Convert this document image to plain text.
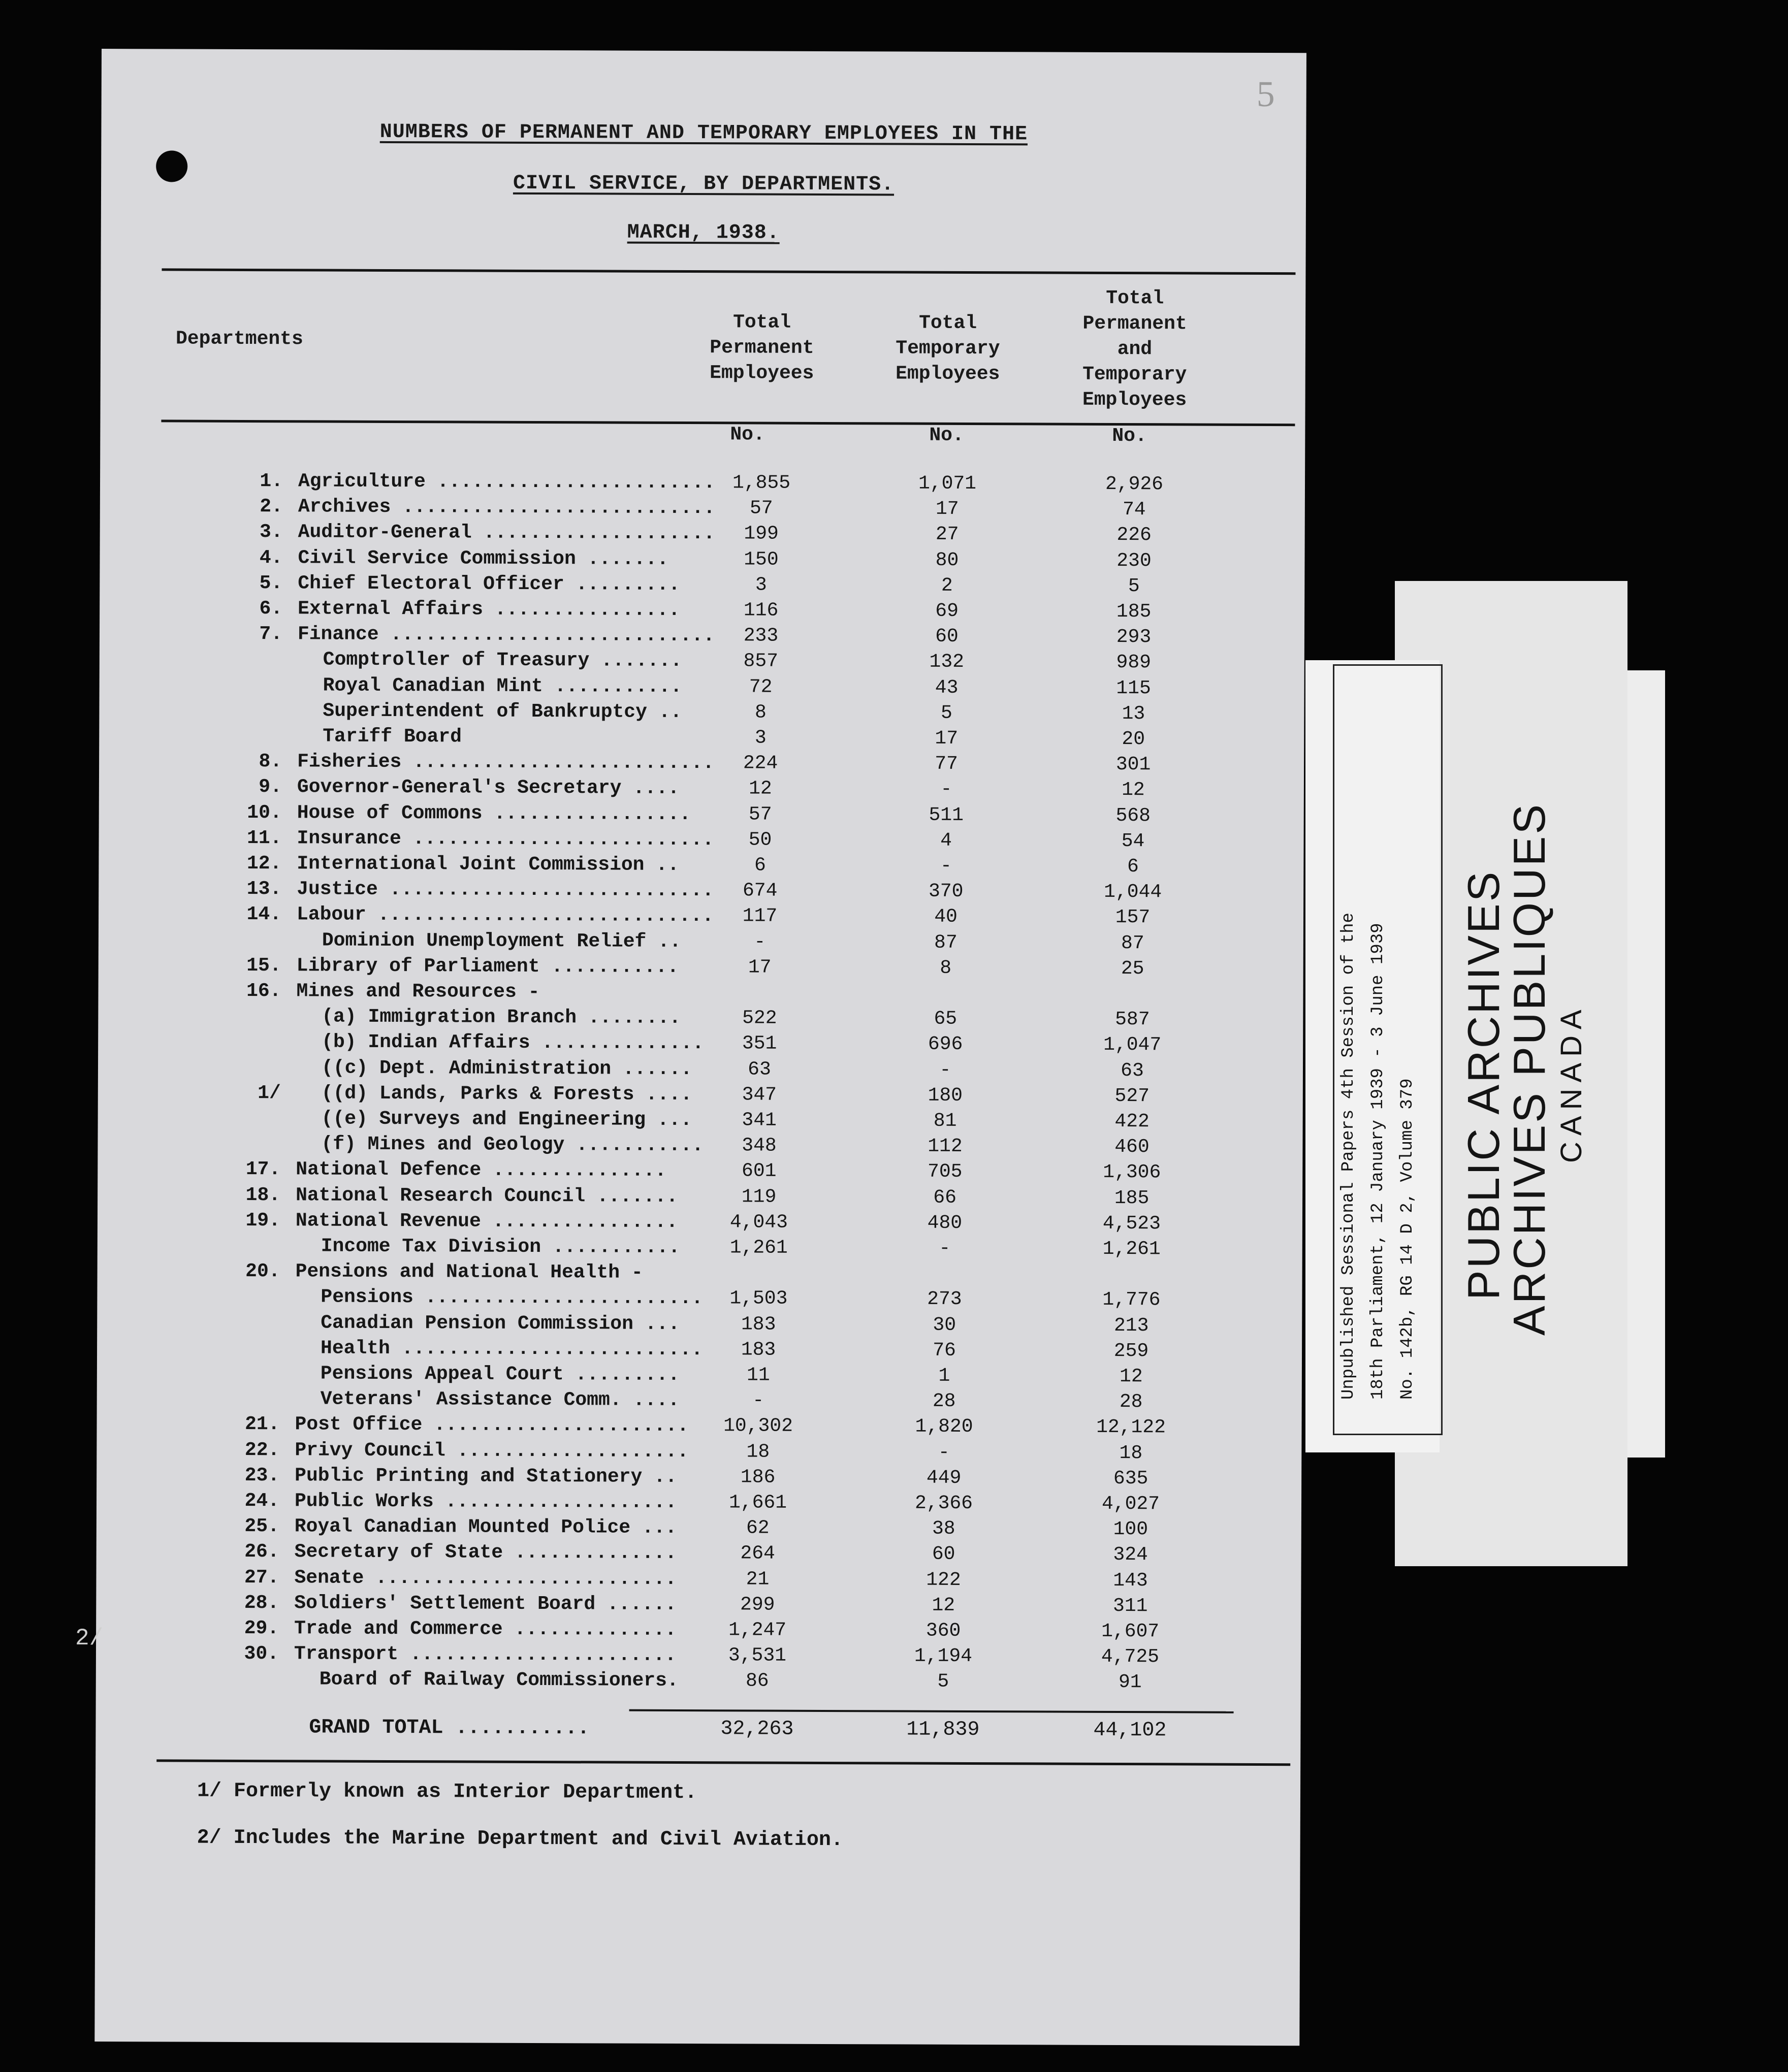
5
NUMBERS OF PERMANENT AND TEMPORARY EMPLOYEES IN THE
CIVIL SERVICE, BY DEPARTMENTS.
MARCH, 1938.
Departments
Total
Permanent
Employees
Total
Temporary
Employees
Total
Permanent
and
Temporary
Employees
No.	No.	No.
1. Agriculture ........................ 1,855	1,071	2,926
2. Archives ...........................	57	17	74
3. Auditor-General ....................	199	27	226
4. Civil Service Commission .......	150	80	230
5. Chief Electoral Officer .........	3	2	5
6. External Affairs ................	116	69	185
7. Finance ............................	233	60	293
Comptroller of Treasury .......	857	132	989
Royal Canadian Mint ...........	72	43	115
Superintendent of Bankruptcy ..	8	5	13
Tariff Board	3	17	20
8. Fisheries ..........................	224	77	301
9. Governor-General's Secretary ....	12	-	12
10. House of Commons .................	57	511	568
11. Insurance ..........................	50	4	54
12. International Joint Commission ..	6	-	6
13. Justice ............................	674	370	1,044
14. Labour .............................	117	40	157
Dominion Unemployment Relief ..	-	87	87
15. Library of Parliament ...........	17	8	25
16. Mines and Resources -
(a) Immigration Branch ........	522	65	587
(b) Indian Affairs ..............	351	696	1,047
((c) Dept. Administration ......	63	-	63
1/ ((d) Lands, Parks & Forests ....	347	180	527
((e) Surveys and Engineering ...	341	81	422
(f) Mines and Geology ...........	348	112	460
17. National Defence ...............	601	705	1,306
18. National Research Council .......	119	66	185
19. National Revenue ................	4,043	480	4,523
Income Tax Division ...........	1,261	-	1,261
20. Pensions and National Health -
Pensions ........................	1,503	273	1,776
Canadian Pension Commission ...	183	30	213
Health ..........................	183	76	259
Pensions Appeal Court .........	11	1	12
Veterans' Assistance Comm. ....	-	28	28
21. Post Office ......................	10,302	1,820	12,122
22. Privy Council ....................	18	-	18
23. Public Printing and Stationery ..	186	449	635
24. Public Works ....................	1,661	2,366	4,027
25. Royal Canadian Mounted Police ...	62	38	100
26. Secretary of State ..............	264	60	324
27. Senate ..........................	21	122	143
28. Soldiers' Settlement Board ......	299	12	311
29. Trade and Commerce ..............	1,247	360	1,607
30. Transport .......................	3,531	1,194	4,725
Board of Railway Commissioners.	86	5	91
GRAND TOTAL ...........	32,263	11,839	44,102
1/ Formerly known as Interior Department.
2/ Includes the Marine Department and Civil Aviation.
2/
Unpublished Sessional Papers 4th Session of the 18th Parliament, 12 January 1939 - 3 June 1939 No. 142b, RG 14 D 2, Volume 379 PUBLIC ARCHIVES
ARCHIVES PUBLIQUES CANADA
